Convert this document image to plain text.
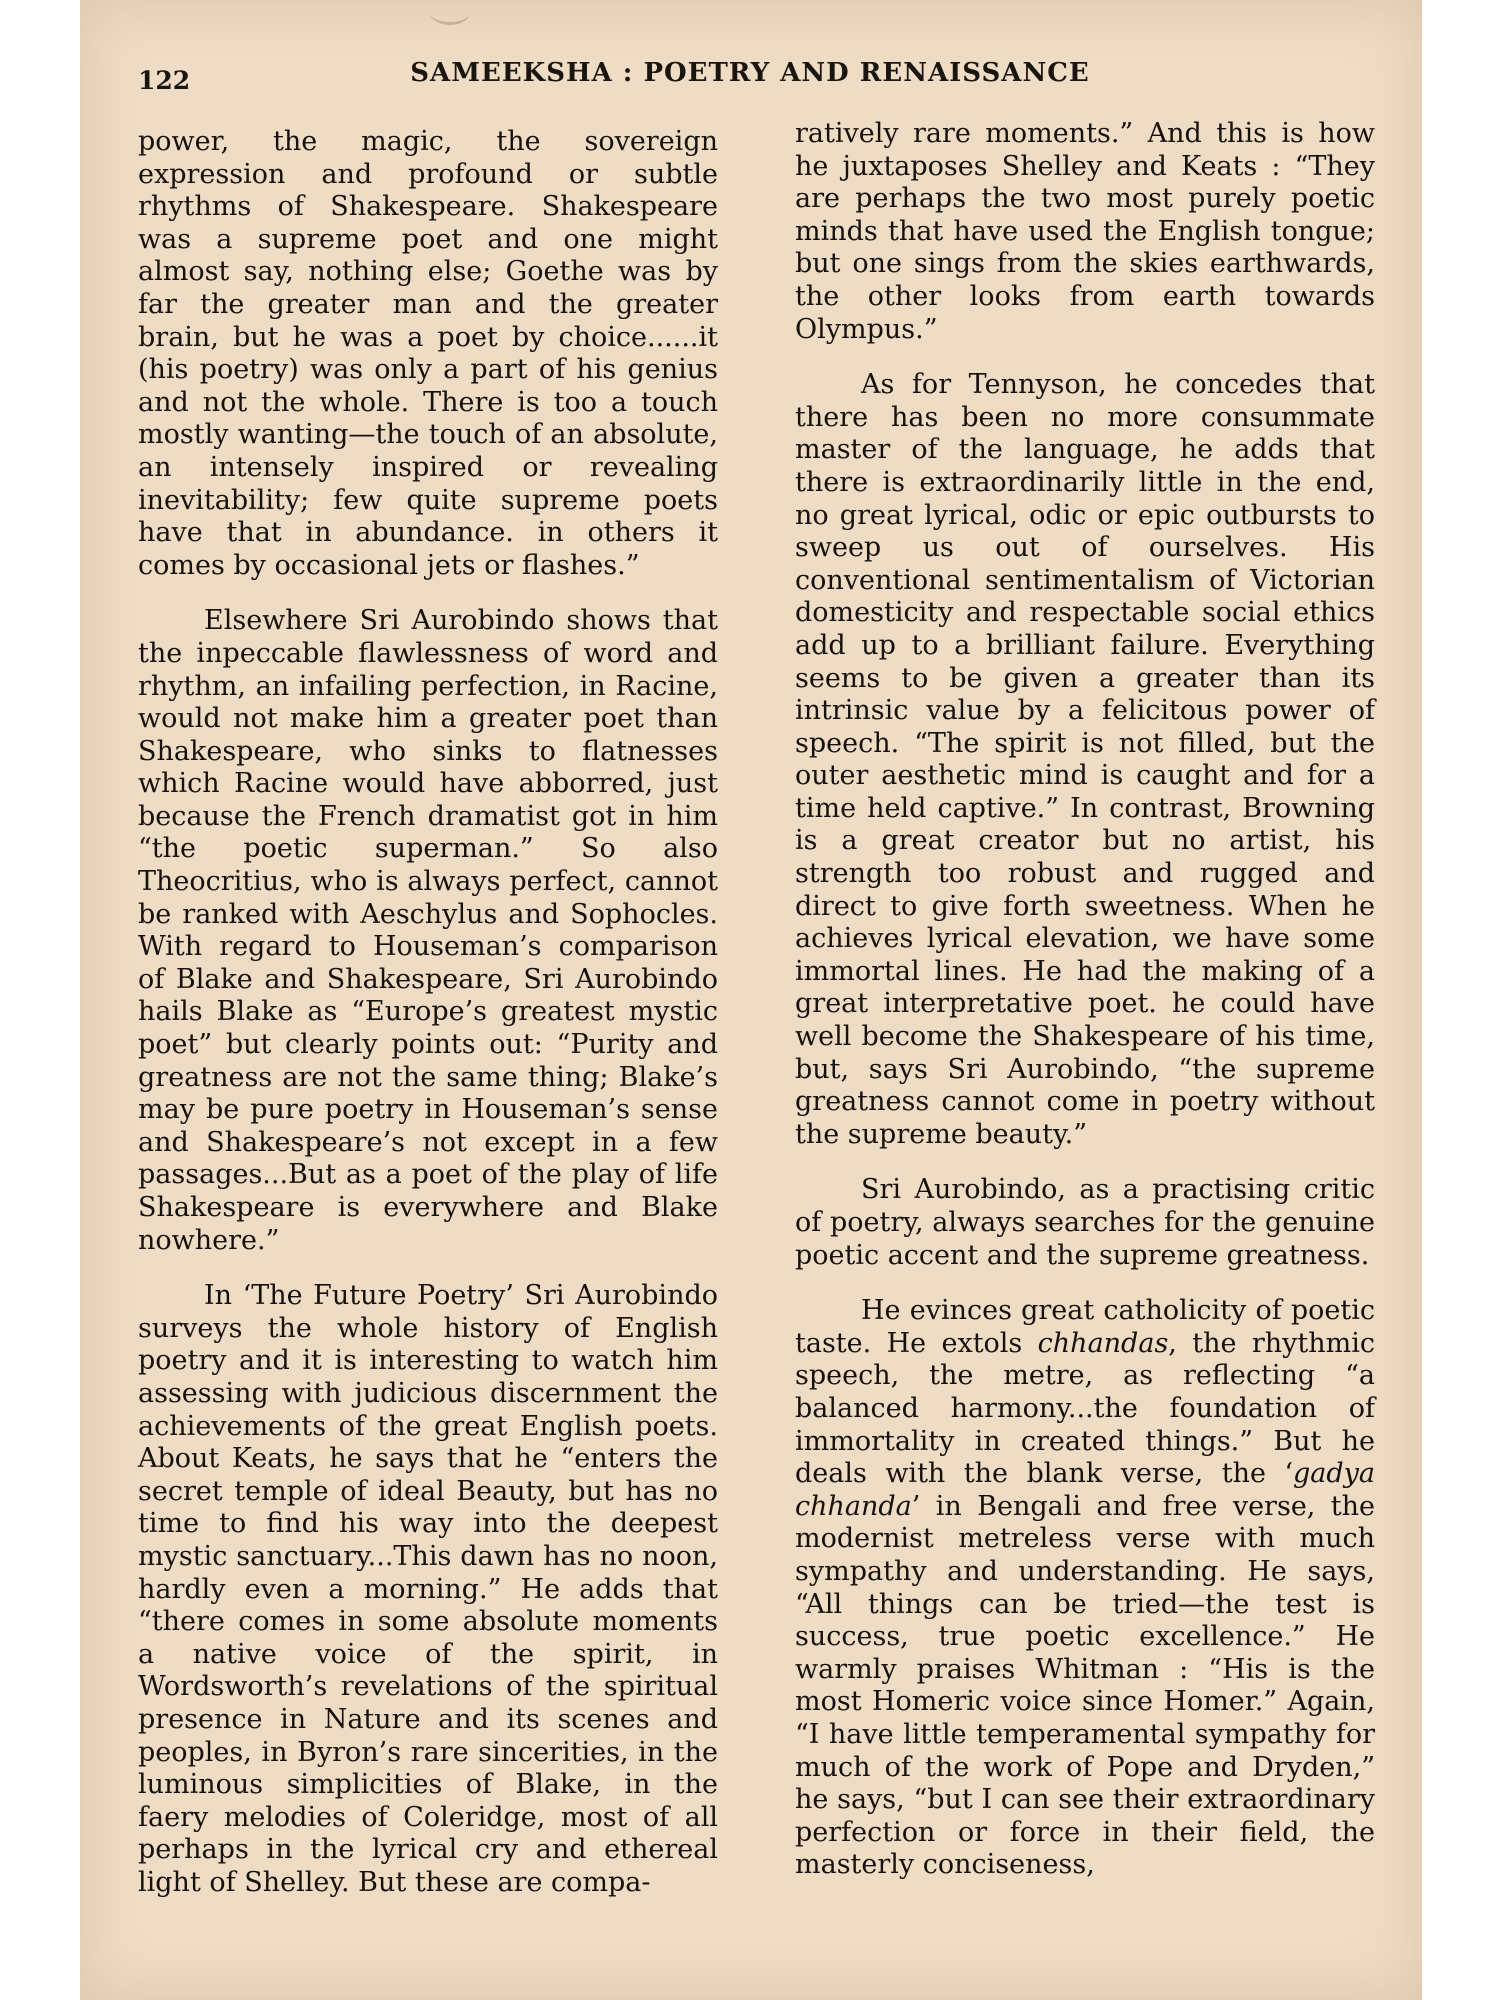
122	SAMEEKSHA : POETRY AND RENAISSANCE

power, the magic, the sovereign expression and profound or subtle rhythms of Shakespeare. Shakespeare was a supreme poet and one might almost say, nothing else; Goethe was by far the greater man and the greater brain, but he was a poet by choice......it (his poetry) was only a part of his genius and not the whole. There is too a touch mostly wanting—the touch of an absolute, an intensely inspired or revealing inevitability; few quite supreme poets have that in abundance. in others it comes by occasional jets or flashes.”

Elsewhere Sri Aurobindo shows that the inpeccable flawlessness of word and rhythm, an infailing perfection, in Racine, would not make him a greater poet than Shakespeare, who sinks to flatnesses which Racine would have abborred, just because the French dramatist got in him “the poetic superman.” So also Theocritius, who is always perfect, cannot be ranked with Aeschylus and Sophocles. With regard to Houseman’s comparison of Blake and Shakespeare, Sri Aurobindo hails Blake as “Europe’s greatest mystic poet” but clearly points out: “Purity and greatness are not the same thing; Blake’s may be pure poetry in Houseman’s sense and Shakespeare’s not except in a few passages...But as a poet of the play of life Shakespeare is everywhere and Blake nowhere.”

In ‘The Future Poetry’ Sri Aurobindo surveys the whole history of English poetry and it is interesting to watch him assessing with judicious discernment the achievements of the great English poets. About Keats, he says that he “enters the secret temple of ideal Beauty, but has no time to find his way into the deepest mystic sanctuary...This dawn has no noon, hardly even a morning.” He adds that “there comes in some absolute moments a native voice of the spirit, in Wordsworth’s revelations of the spiritual presence in Nature and its scenes and peoples, in Byron’s rare sincerities, in the luminous simplicities of Blake, in the faery melodies of Coleridge, most of all perhaps in the lyrical cry and ethereal light of Shelley. But these are compa-

ratively rare moments.” And this is how he juxtaposes Shelley and Keats : “They are perhaps the two most purely poetic minds that have used the English tongue; but one sings from the skies earthwards, the other looks from earth towards Olympus.”

As for Tennyson, he concedes that there has been no more consummate master of the language, he adds that there is extraordinarily little in the end, no great lyrical, odic or epic outbursts to sweep us out of ourselves. His conventional sentimentalism of Victorian domesticity and respectable social ethics add up to a brilliant failure. Everything seems to be given a greater than its intrinsic value by a felicitous power of speech. “The spirit is not filled, but the outer aesthetic mind is caught and for a time held captive.” In contrast, Browning is a great creator but no artist, his strength too robust and rugged and direct to give forth sweetness. When he achieves lyrical elevation, we have some immortal lines. He had the making of a great interpretative poet. he could have well become the Shakespeare of his time, but, says Sri Aurobindo, “the supreme greatness cannot come in poetry without the supreme beauty.”

Sri Aurobindo, as a practising critic of poetry, always searches for the genuine poetic accent and the supreme greatness.

He evinces great catholicity of poetic taste. He extols chhandas, the rhythmic speech, the metre, as reflecting “a balanced harmony...the foundation of immortality in created things.” But he deals with the blank verse, the ‘gadya chhanda’ in Bengali and free verse, the modernist metreless verse with much sympathy and understanding. He says, “All things can be tried—the test is success, true poetic excellence.” He warmly praises Whitman : “His is the most Homeric voice since Homer.” Again, “I have little temperamental sympathy for much of the work of Pope and Dryden,” he says, “but I can see their extraordinary perfection or force in their field, the masterly conciseness,
